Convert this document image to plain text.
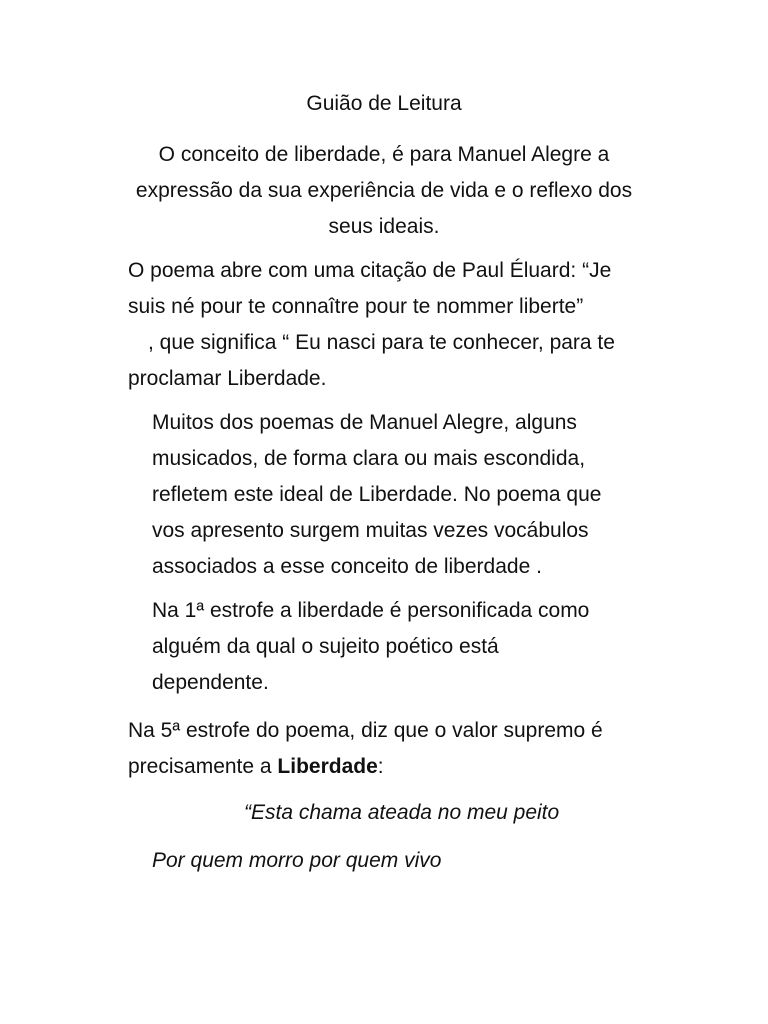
Guião de Leitura

O conceito de liberdade, é para Manuel Alegre a
expressão da sua experiência de vida e o reflexo dos
seus ideais.

O poema abre com uma citação de Paul Éluard: “Je
suis né pour te connaître pour te nommer liberte”
, que significa “ Eu nasci para te conhecer, para te
proclamar Liberdade.

Muitos dos poemas de Manuel Alegre, alguns
musicados, de forma clara ou mais escondida,
refletem este ideal de Liberdade. No poema que
vos apresento surgem muitas vezes vocábulos
associados a esse conceito de liberdade .

Na 1ª estrofe a liberdade é personificada como
alguém da qual o sujeito poético está
dependente.

Na 5ª estrofe do poema, diz que o valor supremo é
precisamente a Liberdade:

“Esta chama ateada no meu peito

Por quem morro por quem vivo
